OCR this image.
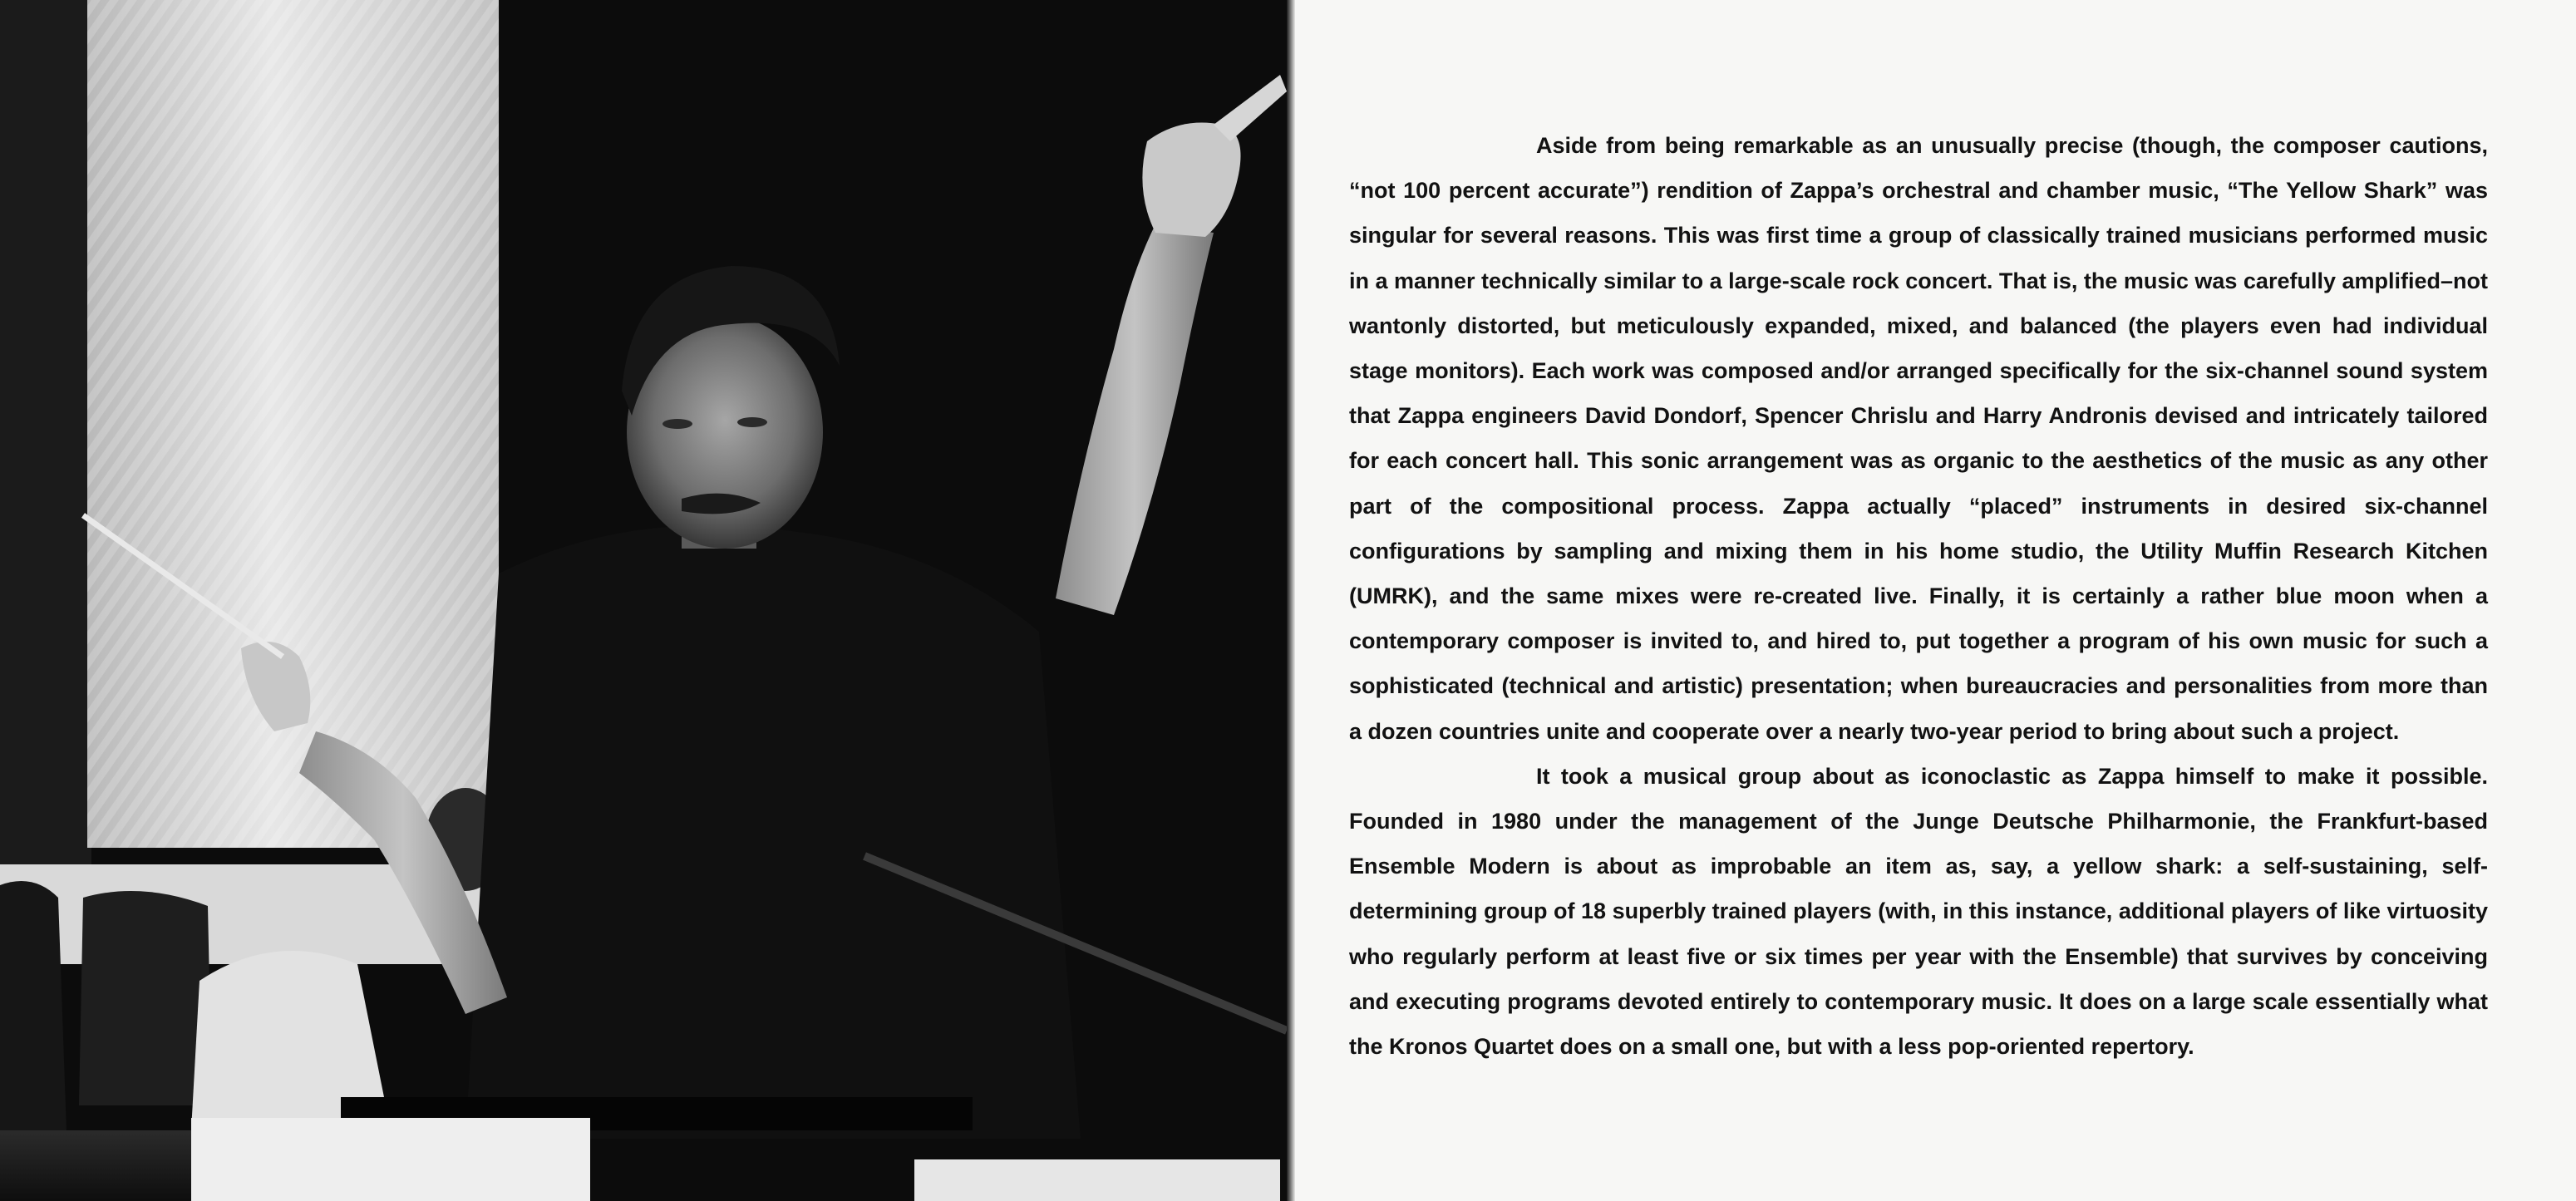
Aside from being remarkable as an unusually precise (though, the composer cautions, “not 100 percent accurate”) rendition of Zappa’s orchestral and chamber music, “The Yellow Shark” was singular for several reasons. This was first time a group of classically trained musicians performed music in a manner technically similar to a large-scale rock concert. That is, the music was carefully amplified–not wantonly distorted, but meticulously expanded, mixed, and balanced (the players even had individual stage monitors). Each work was composed and/or arranged specifically for the six-channel sound system that Zappa engineers David Dondorf, Spencer Chrislu and Harry Andronis devised and intricately tailored for each concert hall. This sonic arrangement was as organic to the aesthetics of the music as any other part of the compositional process. Zappa actually “placed” instruments in desired six-channel configurations by sampling and mixing them in his home studio, the Utility Muffin Research Kitchen (UMRK), and the same mixes were re-created live. Finally, it is certainly a rather blue moon when a contemporary composer is invited to, and hired to, put together a program of his own music for such a sophisticated (technical and artistic) presentation; when bureaucracies and personalities from more than a dozen countries unite and cooperate over a nearly two-year period to bring about such a project.

It took a musical group about as iconoclastic as Zappa himself to make it possible. Founded in 1980 under the management of the Junge Deutsche Philharmonie, the Frankfurt-based Ensemble Modern is about as improbable an item as, say, a yellow shark: a self-sustaining, self-determining group of 18 superbly trained players (with, in this instance, additional players of like virtuosity who regularly perform at least five or six times per year with the Ensemble) that survives by conceiving and executing programs devoted entirely to contemporary music. It does on a large scale essentially what the Kronos Quartet does on a small one, but with a less pop-oriented repertory.
